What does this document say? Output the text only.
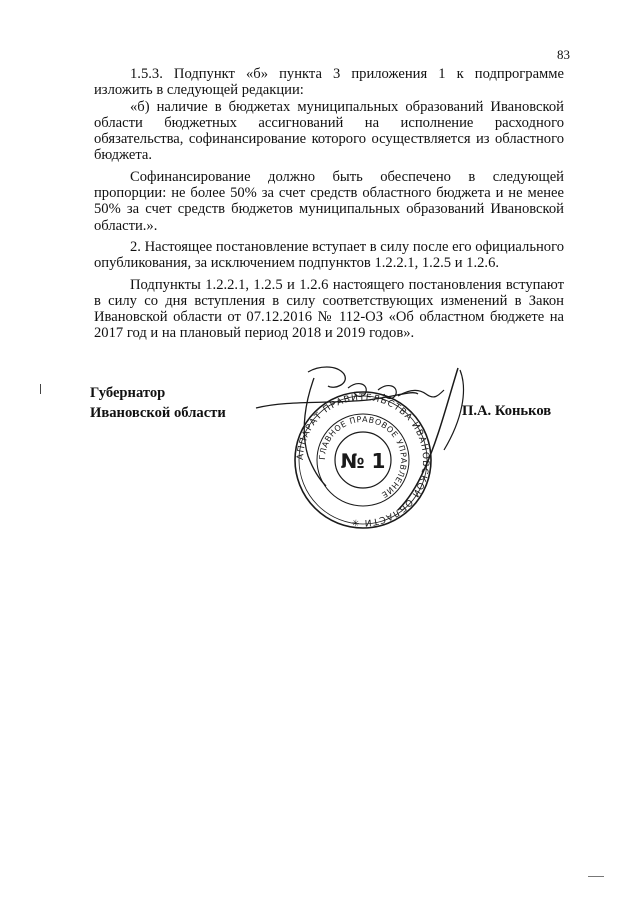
83

1.5.3. Подпункт «б» пункта 3 приложения 1 к подпрограмме изложить в следующей редакции:

«б) наличие в бюджетах муниципальных образований Ивановской области бюджетных ассигнований на исполнение расходного обязательства, софинансирование которого осуществляется из областного бюджета.

Софинансирование должно быть обеспечено в следующей пропорции: не более 50% за счет средств областного бюджета и не менее 50% за счет средств бюджетов муниципальных образований Ивановской области.».

2. Настоящее постановление вступает в силу после его официального опубликования, за исключением подпунктов 1.2.2.1, 1.2.5 и 1.2.6.

Подпункты 1.2.2.1, 1.2.5 и 1.2.6 настоящего постановления вступают в силу со дня вступления в силу соответствующих изменений в Закон Ивановской области от 07.12.2016 № 112-ОЗ «Об областном бюджете на 2017 год и на плановый период 2018 и 2019 годов».

Губернатор
Ивановской области
АППАРАТ ПРАВИТЕЛЬСТВА ИВАНОВСКОЙ ОБЛАСТИ ✳
ГЛАВНОЕ ПРАВОВОЕ УПРАВЛЕНИЕ
№ 1
П.А. Коньков
